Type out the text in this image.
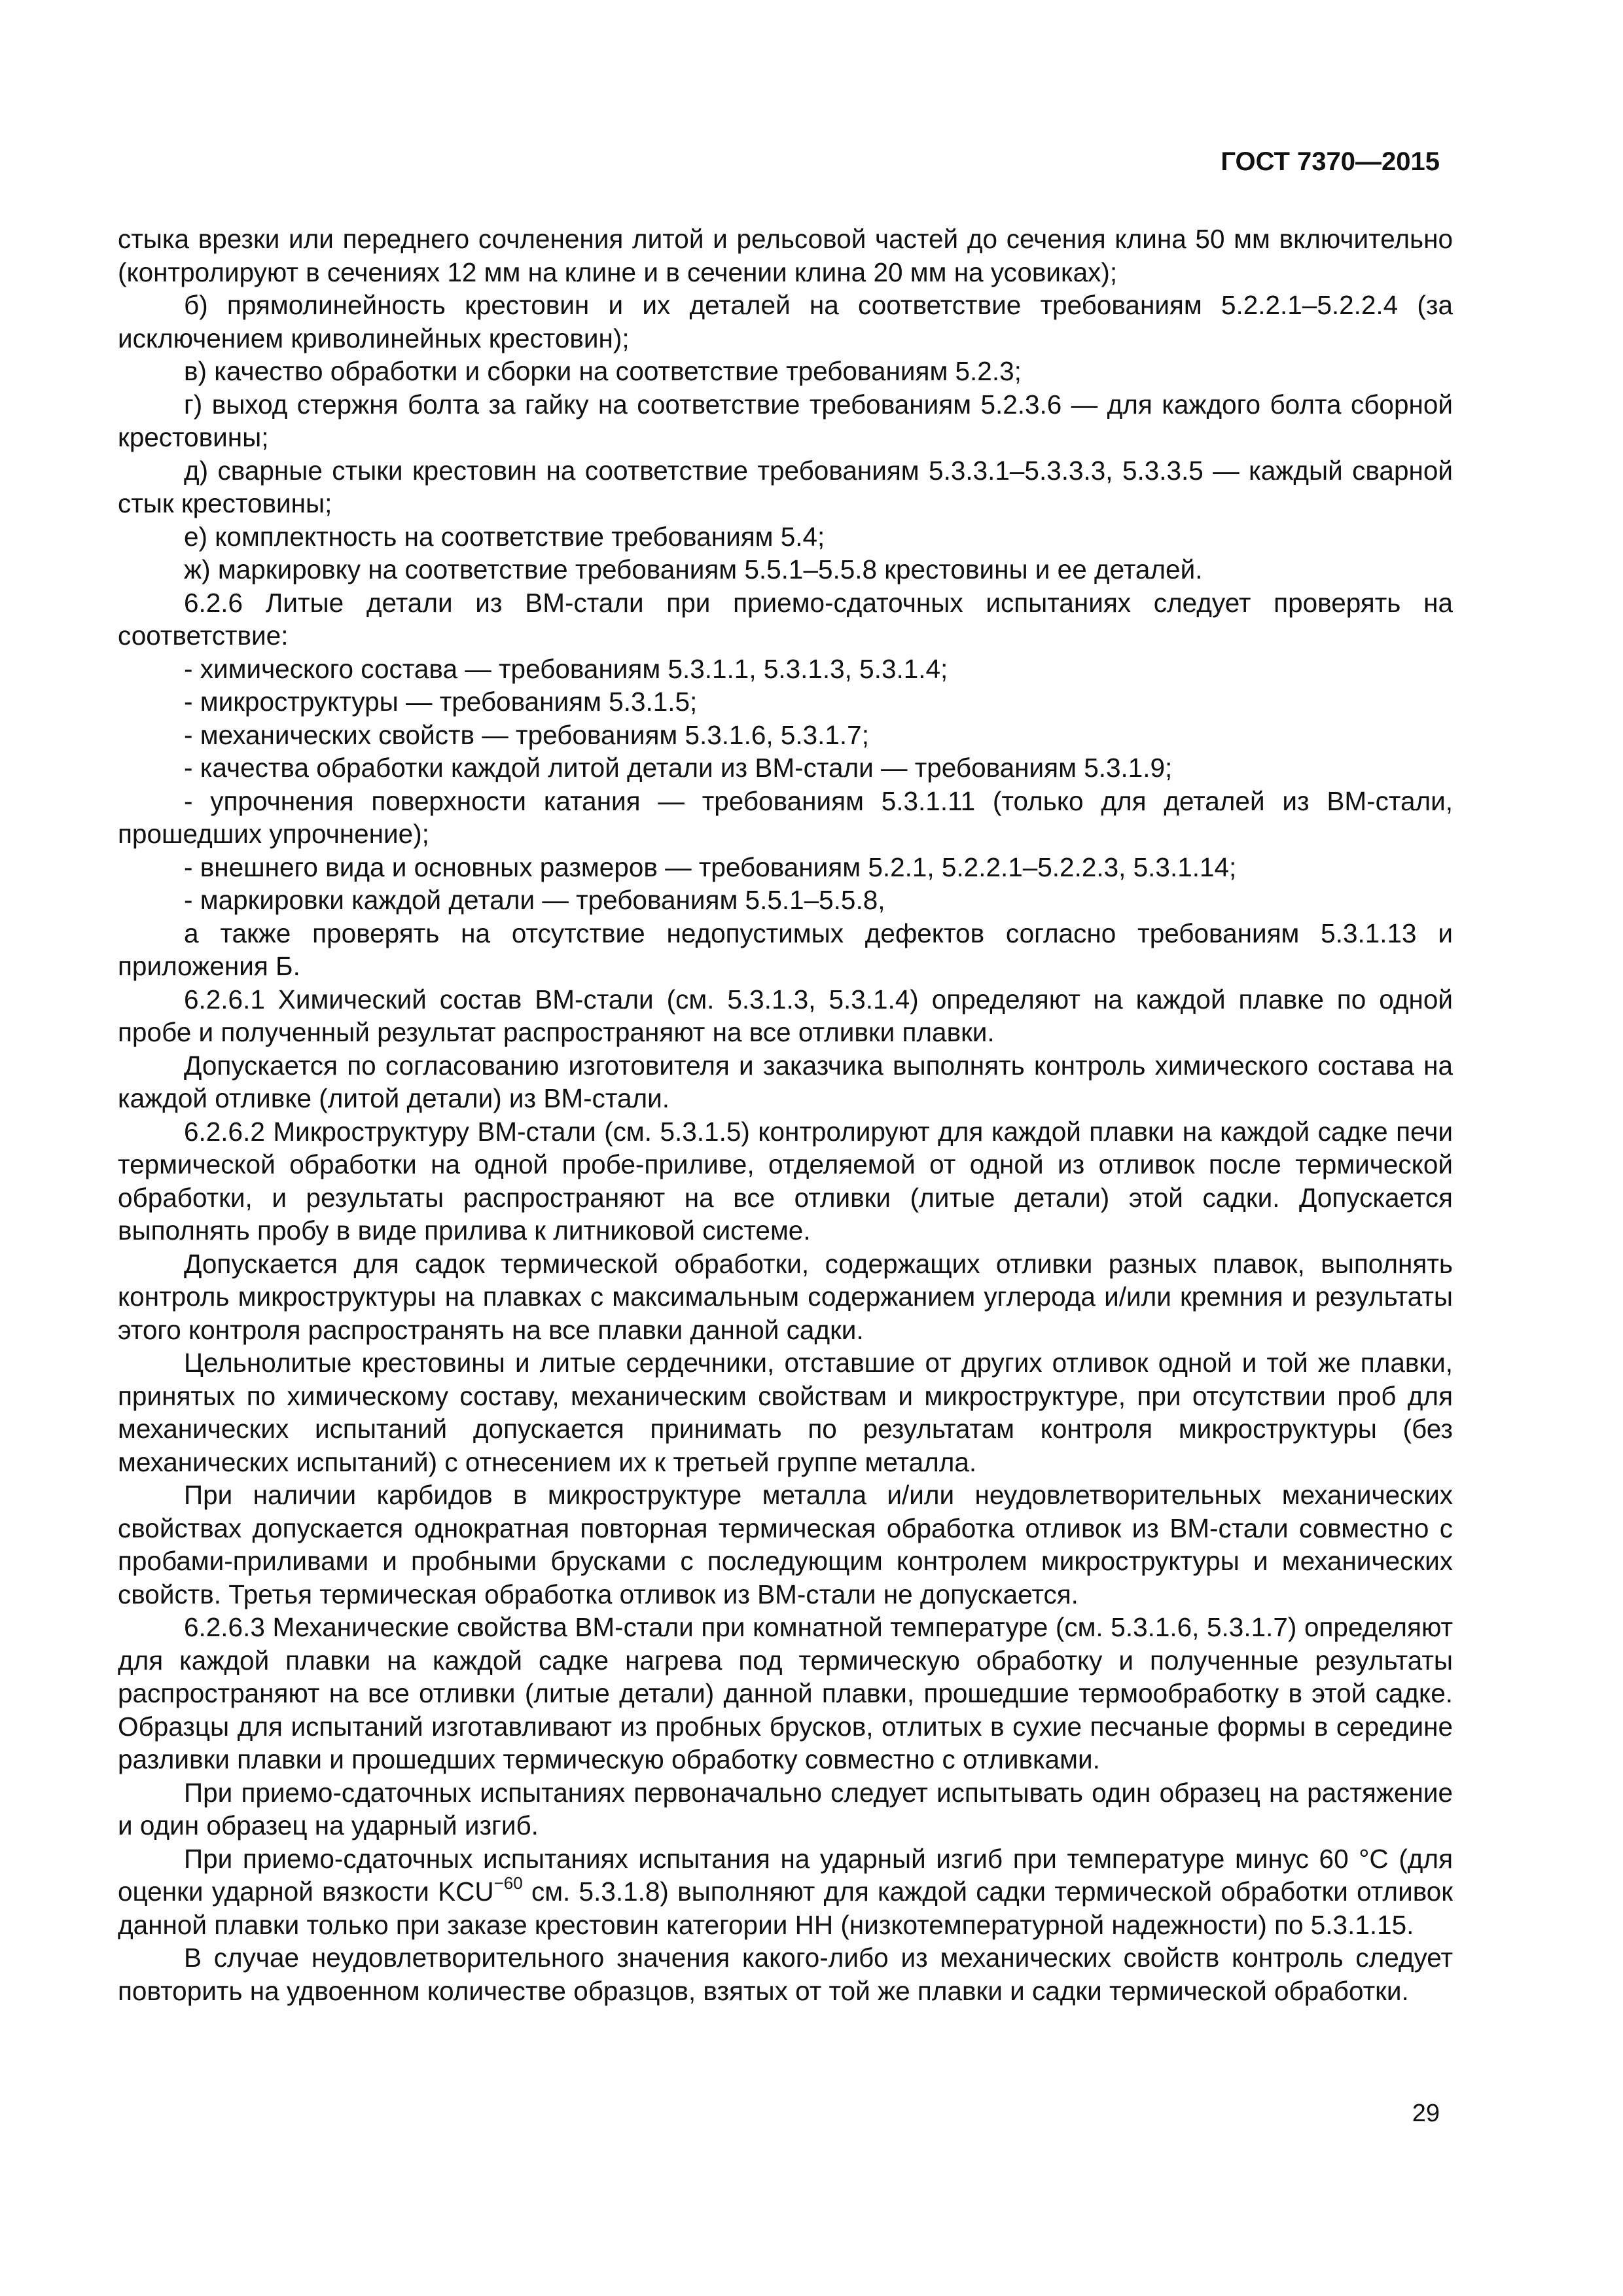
ГОСТ 7370—2015

стыка врезки или переднего сочленения литой и рельсовой частей до сечения клина 50 мм включительно (контролируют в сечениях 12 мм на клине и в сечении клина 20 мм на усовиках);

б) прямолинейность крестовин и их деталей на соответствие требованиям 5.2.2.1–5.2.2.4 (за исключением криволинейных крестовин);

в) качество обработки и сборки на соответствие требованиям 5.2.3;

г) выход стержня болта за гайку на соответствие требованиям 5.2.3.6 — для каждого болта сборной крестовины;

д) сварные стыки крестовин на соответствие требованиям 5.3.3.1–5.3.3.3, 5.3.3.5 — каждый сварной стык крестовины;

е) комплектность на соответствие требованиям 5.4;

ж) маркировку на соответствие требованиям 5.5.1–5.5.8 крестовины и ее деталей.

6.2.6 Литые детали из ВМ-стали при приемо-сдаточных испытаниях следует проверять на соответствие:

- химического состава — требованиям 5.3.1.1, 5.3.1.3, 5.3.1.4;

- микроструктуры — требованиям 5.3.1.5;

- механических свойств — требованиям 5.3.1.6, 5.3.1.7;

- качества обработки каждой литой детали из ВМ-стали — требованиям 5.3.1.9;

- упрочнения поверхности катания — требованиям 5.3.1.11 (только для деталей из ВМ-стали, прошедших упрочнение);

- внешнего вида и основных размеров — требованиям 5.2.1, 5.2.2.1–5.2.2.3, 5.3.1.14;

- маркировки каждой детали — требованиям 5.5.1–5.5.8,

а также проверять на отсутствие недопустимых дефектов согласно требованиям 5.3.1.13 и приложения Б.

6.2.6.1 Химический состав ВМ-стали (см. 5.3.1.3, 5.3.1.4) определяют на каждой плавке по одной пробе и полученный результат распространяют на все отливки плавки.

Допускается по согласованию изготовителя и заказчика выполнять контроль химического состава на каждой отливке (литой детали) из ВМ-стали.

6.2.6.2 Микроструктуру ВМ-стали (см. 5.3.1.5) контролируют для каждой плавки на каждой садке печи термической обработки на одной пробе-приливе, отделяемой от одной из отливок после термической обработки, и результаты распространяют на все отливки (литые детали) этой садки. Допускается выполнять пробу в виде прилива к литниковой системе.

Допускается для садок термической обработки, содержащих отливки разных плавок, выполнять контроль микроструктуры на плавках с максимальным содержанием углерода и/или кремния и результаты этого контроля распространять на все плавки данной садки.

Цельнолитые крестовины и литые сердечники, отставшие от других отливок одной и той же плавки, принятых по химическому составу, механическим свойствам и микроструктуре, при отсутствии проб для механических испытаний допускается принимать по результатам контроля микроструктуры (без механических испытаний) с отнесением их к третьей группе металла.

При наличии карбидов в микроструктуре металла и/или неудовлетворительных механических свойствах допускается однократная повторная термическая обработка отливок из ВМ-стали совместно с пробами-приливами и пробными брусками с последующим контролем микроструктуры и механических свойств. Третья термическая обработка отливок из ВМ-стали не допускается.

6.2.6.3 Механические свойства ВМ-стали при комнатной температуре (см. 5.3.1.6, 5.3.1.7) определяют для каждой плавки на каждой садке нагрева под термическую обработку и полученные результаты распространяют на все отливки (литые детали) данной плавки, прошедшие термообработку в этой садке. Образцы для испытаний изготавливают из пробных брусков, отлитых в сухие песчаные формы в середине разливки плавки и прошедших термическую обработку совместно с отливками.

При приемо-сдаточных испытаниях первоначально следует испытывать один образец на растяжение и один образец на ударный изгиб.

При приемо-сдаточных испытаниях испытания на ударный изгиб при температуре минус 60 °С (для оценки ударной вязкости $KCU^{-60}$ см. 5.3.1.8) выполняют для каждой садки термической обработки отливок данной плавки только при заказе крестовин категории НН (низкотемпературной надежности) по 5.3.1.15.

В случае неудовлетворительного значения какого-либо из механических свойств контроль следует повторить на удвоенном количестве образцов, взятых от той же плавки и садки термической обработки.

29
